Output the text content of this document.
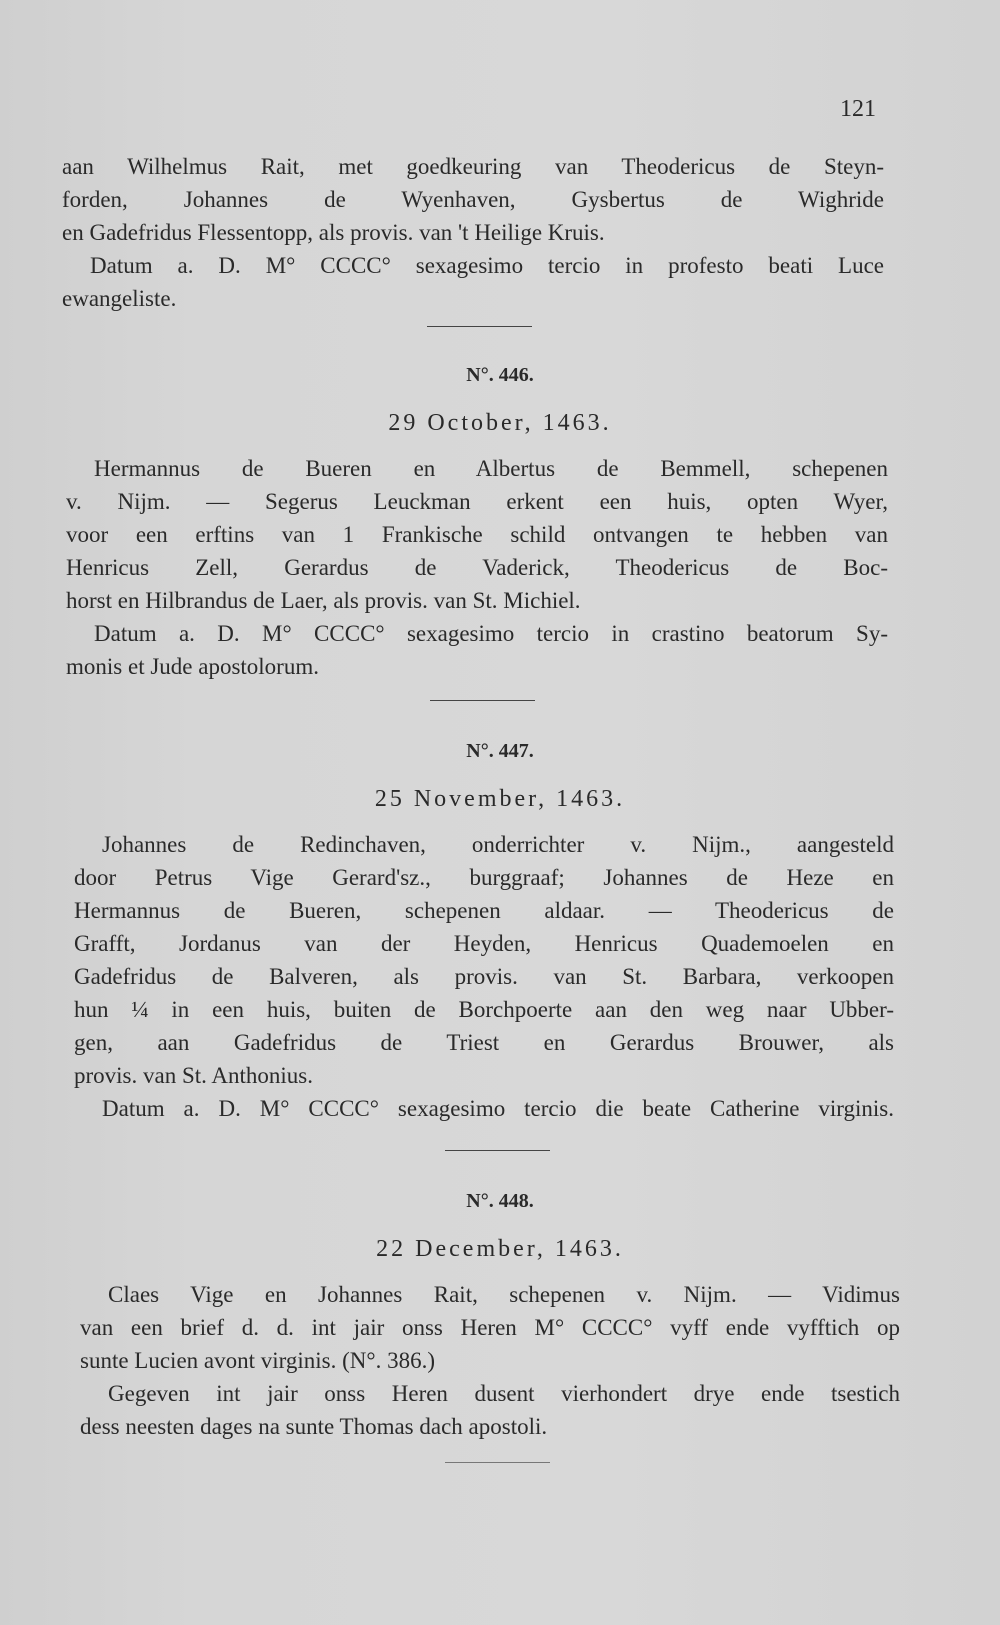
121
aan Wilhelmus Rait, met goedkeuring van Theodericus de Steyn-
forden, Johannes de Wyenhaven, Gysbertus de Wighride
en Gadefridus Flessentopp, als provis. van 't Heilige Kruis.
Datum a. D. M° CCCC° sexagesimo tercio in profesto beati Luce
ewangeliste.
N°. 446.
29 October, 1463.
Hermannus de Bueren en Albertus de Bemmell, schepenen
v. Nijm. — Segerus Leuckman erkent een huis, opten Wyer,
voor een erftins van 1 Frankische schild ontvangen te hebben van
Henricus Zell, Gerardus de Vaderick, Theodericus de Boc-
horst en Hilbrandus de Laer, als provis. van St. Michiel.
Datum a. D. M° CCCC° sexagesimo tercio in crastino beatorum Sy-
monis et Jude apostolorum.
N°. 447.
25 November, 1463.
Johannes de Redinchaven, onderrichter v. Nijm., aangesteld
door Petrus Vige Gerard'sz., burggraaf; Johannes de Heze en
Hermannus de Bueren, schepenen aldaar. — Theodericus de
Grafft, Jordanus van der Heyden, Henricus Quademoelen en
Gadefridus de Balveren, als provis. van St. Barbara, verkoopen
hun ¼ in een huis, buiten de Borchpoerte aan den weg naar Ubber-
gen, aan Gadefridus de Triest en Gerardus Brouwer, als
provis. van St. Anthonius.
Datum a. D. M° CCCC° sexagesimo tercio die beate Catherine virginis.
N°. 448.
22 December, 1463.
Claes Vige en Johannes Rait, schepenen v. Nijm. — Vidimus
van een brief d. d. int jair onss Heren M° CCCC° vyff ende vyfftich op
sunte Lucien avont virginis. (N°. 386.)
Gegeven int jair onss Heren dusent vierhondert drye ende tsestich
dess neesten dages na sunte Thomas dach apostoli.
